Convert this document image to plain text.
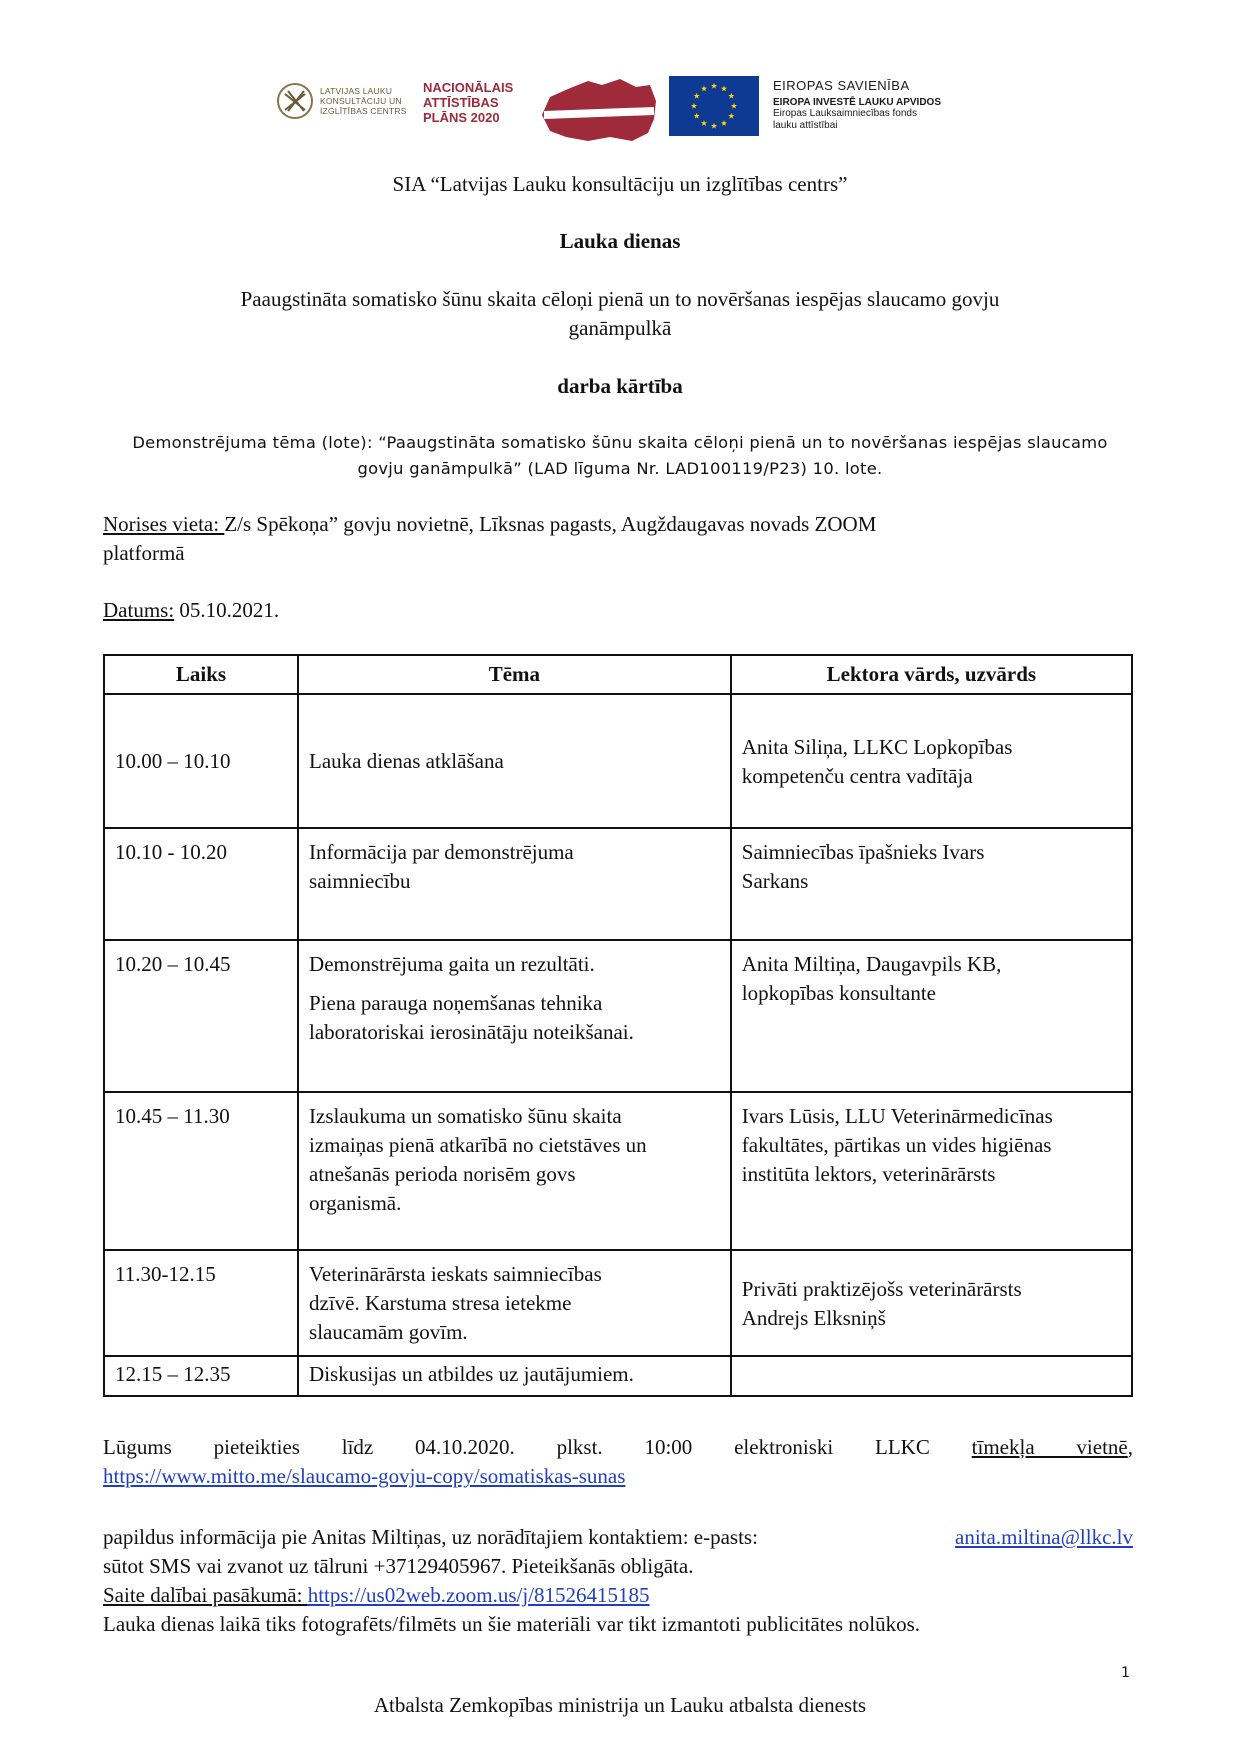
LATVIJAS LAUKU
KONSULTĀCIJU UN
IZGLĪTĪBAS CENTRS
NACIONĀLAIS
ATTĪSTĪBAS
PLĀNS 2020
EIROPAS SAVIENĪBA
EIROPA INVESTĒ LAUKU APVIDOS
Eiropas Lauksaimniecības fonds
lauku attīstībai
SIA “Latvijas Lauku konsultāciju un izglītības centrs”
Lauka dienas
Paaugstināta somatisko šūnu skaita cēloņi pienā un to novēršanas iespējas slaucamo govju
ganāmpulkā
darba kārtība
Demonstrējuma tēma (lote): “Paaugstināta somatisko šūnu skaita cēloņi pienā un to novēršanas iespējas slaucamo
govju ganāmpulkā” (LAD līguma Nr. LAD100119/P23) 10. lote.
Norises vieta: Z/s Spēkoņa” govju novietnē, Līksnas pagasts, Augždaugavas novads ZOOM
platformā
Datums: 05.10.2021.
Laiks	Tēma	Lektora vārds, uzvārds
10.00 – 10.10	Lauka dienas atklāšana	Anita Siliņa, LLKC Lopkopības
kompetenču centra vadītāja

10.10 - 10.20	Informācija par demonstrējuma
saimniecību	Saimniecības īpašnieks Ivars
Sarkans

10.20 – 10.45	Demonstrējuma gaita un rezultāti.
Piena parauga noņemšanas tehnika
laboratoriskai ierosinātāju noteikšanai.	Anita Miltiņa, Daugavpils KB,
lopkopības konsultante

10.45 – 11.30	Izslaukuma un somatisko šūnu skaita
izmaiņas pienā atkarībā no cietstāves un
atnešanās perioda norisēm govs
organismā.	Ivars Lūsis, LLU Veterinārmedicīnas
fakultātes, pārtikas un vides higiēnas
institūta lektors, veterinārārsts

11.30-12.15	Veterinārārsta ieskats saimniecības
dzīvē. Karstuma stresa ietekme
slaucamām govīm.	Privāti praktizējošs veterinārārsts
Andrejs Elksniņš

12.15 – 12.35	Diskusijas un atbildes uz jautājumiem.	

Lūgums pieteikties līdz 04.10.2020. plkst. 10:00 elektroniski LLKC tīmekļa vietnē,
https://www.mitto.me/slaucamo-govju-copy/somatiskas-sunas
papildus informācija pie Anitas Miltiņas, uz norādītajiem kontaktiem: e-pasts:	anita.miltina@llkc.lv
sūtot SMS vai zvanot uz tālruni +37129405967. Pieteikšanās obligāta.
Saite dalībai pasākumā: https://us02web.zoom.us/j/81526415185
Lauka dienas laikā tiks fotografēts/filmēts un šie materiāli var tikt izmantoti publicitātes nolūkos.
1
Atbalsta Zemkopības ministrija un Lauku atbalsta dienests
